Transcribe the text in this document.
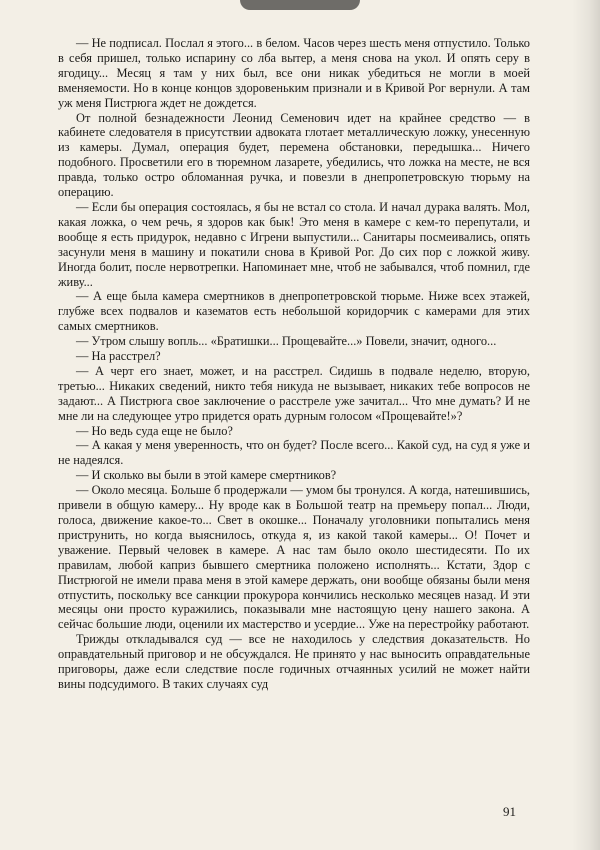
— Не подписал. Послал я этого... в белом. Часов через шесть меня отпустило. Только в себя пришел, только испарину со лба вытер, а меня снова на укол. И опять серу в ягодицу... Месяц я там у них был, все они никак убедиться не могли в моей вменяемости. Но в конце концов здоровеньким признали и в Кривой Рог вернули. А там уж меня Пистрюга ждет не дождется.

От полной безнадежности Леонид Семенович идет на крайнее средство — в кабинете следователя в присутствии адвоката глотает металлическую ложку, унесенную из камеры. Думал, операция будет, перемена обстановки, передышка... Ничего подобного. Просветили его в тюремном лазарете, убедились, что ложка на месте, не вся правда, только остро обломанная ручка, и повезли в днепропетровскую тюрьму на операцию.

— Если бы операция состоялась, я бы не встал со стола. И начал дурака валять. Мол, какая ложка, о чем речь, я здоров как бык! Это меня в камере с кем-то перепутали, и вообще я есть придурок, недавно с Игрени выпустили... Санитары посмеивались, опять засунули меня в машину и покатили снова в Кривой Рог. До сих пор с ложкой живу. Иногда болит, после нервотрепки. Напоминает мне, чтоб не забывался, чтоб помнил, где живу...

— А еще была камера смертников в днепропетровской тюрьме. Ниже всех этажей, глубже всех подвалов и казематов есть небольшой коридорчик с камерами для этих самых смертников.

— Утром слышу вопль... «Братишки... Прощевайте...» Повели, значит, одного...

— На расстрел?

— А черт его знает, может, и на расстрел. Сидишь в подвале неделю, вторую, третью... Никаких сведений, никто тебя никуда не вызывает, никаких тебе вопросов не задают... А Пистрюга свое заключение о расстреле уже зачитал... Что мне думать? И не мне ли на следующее утро придется орать дурным голосом «Прощевайте!»?

— Но ведь суда еще не было?

— А какая у меня уверенность, что он будет? После всего... Какой суд, на суд я уже и не надеялся.

— И сколько вы были в этой камере смертников?

— Около месяца. Больше б продержали — умом бы тронулся. А когда, натешившись, привели в общую камеру... Ну вроде как в Большой театр на премьеру попал... Люди, голоса, движение какое-то... Свет в окошке... Поначалу уголовники попытались меня приструнить, но когда выяснилось, откуда я, из какой такой камеры... О! Почет и уважение. Первый человек в камере. А нас там было около шестидесяти. По их правилам, любой каприз бывшего смертника положено исполнять... Кстати, Здор с Пистрюгой не имели права меня в этой камере держать, они вообще обязаны были меня отпустить, поскольку все санкции прокурора кончились несколько месяцев назад. И эти месяцы они просто куражились, показывали мне настоящую цену нашего закона. А сейчас большие люди, оценили их мастерство и усердие... Уже на перестройку работают.

Трижды откладывался суд — все не находилось у следствия доказательств. Но оправдательный приговор и не обсуждался. Не принято у нас выносить оправдательные приговоры, даже если следствие после годичных отчаянных усилий не может найти вины подсудимого. В таких случаях суд

91
